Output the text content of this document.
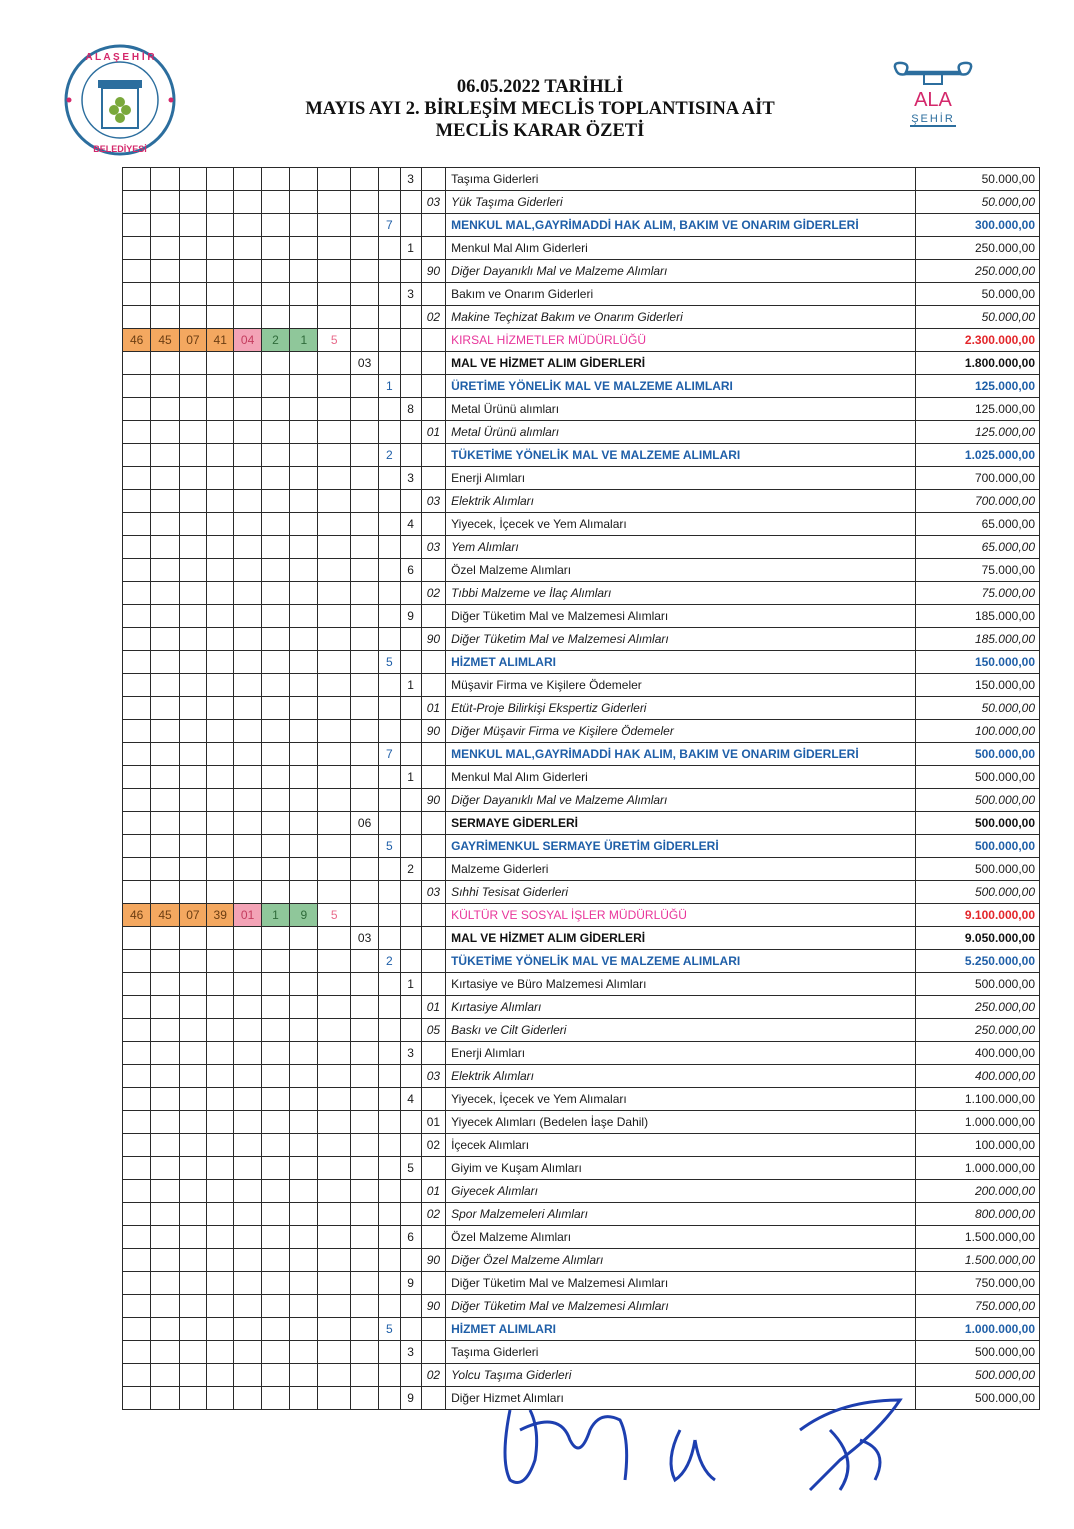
A L A Ş E H İ R
BELEDİYESİ
06.05.2022 TARİHLİ
MAYIS AYI 2. BİRLEŞİM MECLİS TOPLANTISINA AİT
MECLİS KARAR ÖZETİ
ALA
ŞEHİR
										3		Taşıma Giderleri	50.000,00
											03	Yük Taşıma Giderleri	50.000,00
									7			MENKUL MAL,GAYRİMADDİ HAK ALIM, BAKIM VE ONARIM GİDERLERİ	300.000,00
										1		Menkul Mal Alım Giderleri	250.000,00
											90	Diğer Dayanıklı Mal ve Malzeme Alımları	250.000,00
										3		Bakım ve Onarım Giderleri	50.000,00
											02	Makine Teçhizat Bakım ve Onarım Giderleri	50.000,00
46	45	07	41	04	2	1	5					KIRSAL HİZMETLER MÜDÜRLÜĞÜ	2.300.000,00
								03				MAL VE HİZMET ALIM GİDERLERİ	1.800.000,00
									1			ÜRETİME YÖNELİK MAL VE MALZEME ALIMLARI	125.000,00
										8		Metal Ürünü alımları	125.000,00
											01	Metal Ürünü alımları	125.000,00
									2			TÜKETİME YÖNELİK MAL VE MALZEME ALIMLARI	1.025.000,00
										3		Enerji Alımları	700.000,00
											03	Elektrik Alımları	700.000,00
										4		Yiyecek, İçecek ve Yem Alımaları	65.000,00
											03	Yem Alımları	65.000,00
										6		Özel Malzeme Alımları	75.000,00
											02	Tıbbi Malzeme ve İlaç Alımları	75.000,00
										9		Diğer Tüketim Mal ve Malzemesi Alımları	185.000,00
											90	Diğer Tüketim Mal ve Malzemesi Alımları	185.000,00
									5			HİZMET ALIMLARI	150.000,00
										1		Müşavir Firma ve Kişilere Ödemeler	150.000,00
											01	Etüt-Proje Bilirkişi Ekspertiz Giderleri	50.000,00
											90	Diğer Müşavir Firma ve Kişilere Ödemeler	100.000,00
									7			MENKUL MAL,GAYRİMADDİ HAK ALIM, BAKIM VE ONARIM GİDERLERİ	500.000,00
										1		Menkul Mal Alım Giderleri	500.000,00
											90	Diğer Dayanıklı Mal ve Malzeme Alımları	500.000,00
								06				SERMAYE GİDERLERİ	500.000,00
									5			GAYRİMENKUL SERMAYE ÜRETİM GİDERLERİ	500.000,00
										2		Malzeme Giderleri	500.000,00
											03	Sıhhi Tesisat Giderleri	500.000,00
46	45	07	39	01	1	9	5					KÜLTÜR VE SOSYAL İŞLER MÜDÜRLÜĞÜ	9.100.000,00
								03				MAL VE HİZMET ALIM GİDERLERİ	9.050.000,00
									2			TÜKETİME YÖNELİK MAL VE MALZEME ALIMLARI	5.250.000,00
										1		Kırtasiye ve Büro Malzemesi Alımları	500.000,00
											01	Kırtasiye Alımları	250.000,00
											05	Baskı ve Cilt Giderleri	250.000,00
										3		Enerji Alımları	400.000,00
											03	Elektrik Alımları	400.000,00
										4		Yiyecek, İçecek ve Yem Alımaları	1.100.000,00
											01	Yiyecek Alımları (Bedelen İaşe Dahil)	1.000.000,00
											02	İçecek Alımları	100.000,00
										5		Giyim ve Kuşam Alımları	1.000.000,00
											01	Giyecek Alımları	200.000,00
											02	Spor Malzemeleri Alımları	800.000,00
										6		Özel Malzeme Alımları	1.500.000,00
											90	Diğer Özel Malzeme Alımları	1.500.000,00
										9		Diğer Tüketim Mal ve Malzemesi Alımları	750.000,00
											90	Diğer Tüketim Mal ve Malzemesi Alımları	750.000,00
									5			HİZMET ALIMLARI	1.000.000,00
										3		Taşıma Giderleri	500.000,00
											02	Yolcu Taşıma Giderleri	500.000,00
										9		Diğer Hizmet Alımları	500.000,00
